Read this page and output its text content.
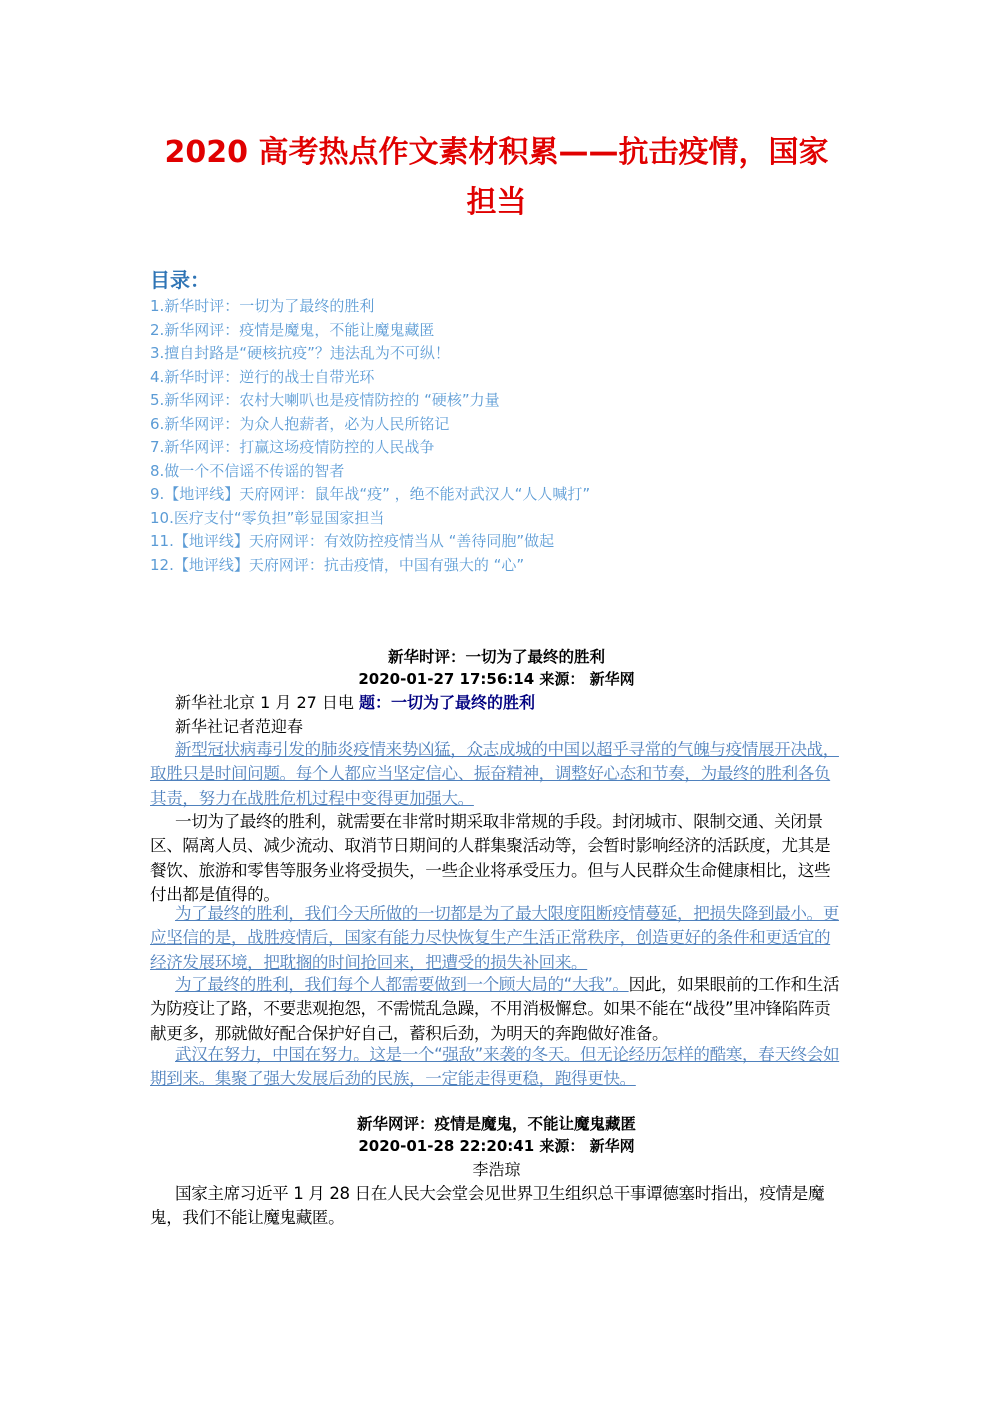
2020 高考热点作文素材积累——抗击疫情，国家担当
目录：
1.新华时评：一切为了最终的胜利
2.新华网评：疫情是魔鬼，不能让魔鬼藏匿
3.擅自封路是“硬核抗疫”？违法乱为不可纵！
4.新华时评：逆行的战士自带光环
5.新华网评：农村大喇叭也是疫情防控的 “硬核”力量
6.新华网评：为众人抱薪者，必为人民所铭记
7.新华网评：打赢这场疫情防控的人民战争
8.做一个不信谣不传谣的智者
9.【地评线】天府网评：鼠年战“疫” ，绝不能对武汉人“人人喊打”
10.医疗支付“零负担”彰显国家担当
11.【地评线】天府网评：有效防控疫情当从 “善待同胞”做起
12.【地评线】天府网评：抗击疫情，中国有强大的 “心”
新华时评：一切为了最终的胜利

2020-01-27 17:56:14 来源： 新华网

新华社北京 1 月 27 日电 题：一切为了最终的胜利

新华社记者范迎春

新型冠状病毒引发的肺炎疫情来势凶猛，众志成城的中国以超乎寻常的气魄与疫情展开决战，取胜只是时间问题。每个人都应当坚定信心、振奋精神，调整好心态和节奏，为最终的胜利各负其责，努力在战胜危机过程中变得更加强大。

一切为了最终的胜利，就需要在非常时期采取非常规的手段。封闭城市、限制交通、关闭景区、隔离人员、减少流动、取消节日期间的人群集聚活动等，会暂时影响经济的活跃度，尤其是餐饮、旅游和零售等服务业将受损失，一些企业将承受压力。但与人民群众生命健康相比，这些付出都是值得的。

为了最终的胜利，我们今天所做的一切都是为了最大限度阻断疫情蔓延，把损失降到最小。更应坚信的是，战胜疫情后，国家有能力尽快恢复生产生活正常秩序，创造更好的条件和更适宜的经济发展环境，把耽搁的时间抢回来，把遭受的损失补回来。

为了最终的胜利，我们每个人都需要做到一个顾大局的“大我”。因此，如果眼前的工作和生活为防疫让了路，不要悲观抱怨，不需慌乱急躁，不用消极懈怠。如果不能在“战役”里冲锋陷阵贡献更多，那就做好配合保护好自己，蓄积后劲，为明天的奔跑做好准备。

武汉在努力，中国在努力。这是一个“强敌”来袭的冬天。但无论经历怎样的酷寒，春天终会如期到来。集聚了强大发展后劲的民族，一定能走得更稳，跑得更快。

新华网评：疫情是魔鬼，不能让魔鬼藏匿

2020-01-28 22:20:41 来源： 新华网

李浩琼

国家主席习近平 1 月 28 日在人民大会堂会见世界卫生组织总干事谭德塞时指出，疫情是魔鬼，我们不能让魔鬼藏匿。
